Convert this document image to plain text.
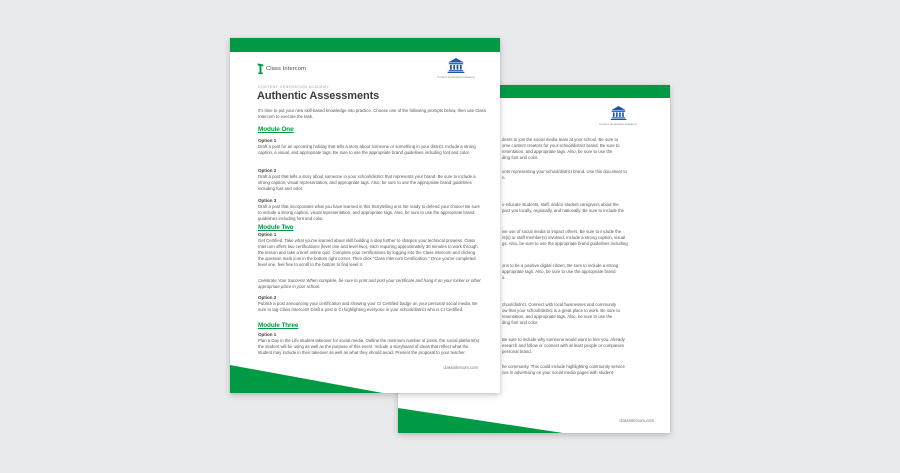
Content Generation Academy
dents to join the social media team at your school. Be sure to
ome content creators for your school/district brand. Be sure to
resentation, and appropriate tags. Also, be sure to use the
ding font and color.
unts representing your school/district brand. Use this document to
n.
o educate students, staff, and/or student caregivers about the
pact you locally, regionally, and nationally. Be sure to include the
ive use of social media to impact others. Be sure to include the
nt(s) or staff member(s) involved. Include a strong caption, visual
gs. Also, be sure to use the appropriate brand guidelines including
ons to be a positive digital citizen. Be sure to include a strong
appropriate tags. Also, be sure to use the appropriate brand
s.
chool/district. Connect with local businesses and community
ow that your school/district is a great place to work. Be sure to
resentation, and appropriate tags. Also, be sure to use the
ding font and color.
Be sure to include why someone would want to hire you. Already
esearch and follow or connect with at least people or companies
personal brand.
he community. This could include highlighting community service
ces in advertising on your social media pages with student-
classintercom.com
Class Intercom
Content Generation Academy
CONTENT GENERATION ACADEMY
Authentic Assessments
It's time to put your new skill-based knowledge into practice. Choose one of the following prompts below, then use Class Intercom to execute the task.
Module One
Option 1
Draft a post for an upcoming holiday that tells a story about someone or something in your district. Include a strong caption, a visual, and appropriate tags. Be sure to use the appropriate brand guidelines including font and color.
Option 2
Draft a post that tells a story about someone in your school/district that represents your brand. Be sure to include a strong caption, visual representation, and appropriate tags. Also, be sure to use the appropriate brand guidelines including font and color.
Option 3
Draft a post that incorporates what you have learned in this Storytelling unit. Be ready to defend your choice! Be sure to include a strong caption, visual representation, and appropriate tags. Also, be sure to use the appropriate brand guidelines including font and color.
Module Two
Option 1
Get Certified. Take what you've learned about skill building a step further to sharpen your technical prowess. Class Intercom offers two certifications (level one and level two), each requiring approximately 30 minutes to work through the lesson and take a brief online quiz. Complete your certifications by logging into the Class Intercom and clicking the question mark icon in the bottom right corner. Then click "Class Intercom Certification." Once you've completed level one, feel free to scroll to the bottom to find level II.
Celebrate Your Success! When complete, be sure to print and post your certificate and hang it on your locker or other appropriate place in your school.
Option 2
Publish a post announcing your certification and showing your CI Certified badge on your personal social media. Be sure to tag Class Intercom! Draft a post in CI highlighting everyone in your school/district who is CI Certified.
Module Three
Option 1
Plan a Day in the Life student takeover for social media. Outline the minimum number of posts, the social platform(s) the student will be using as well as the purpose of this event. Include a storyboard of ideas that reflect what the student may include in their takeover as well as what they should avoid. Present the proposal to your teacher.
classintercom.com
